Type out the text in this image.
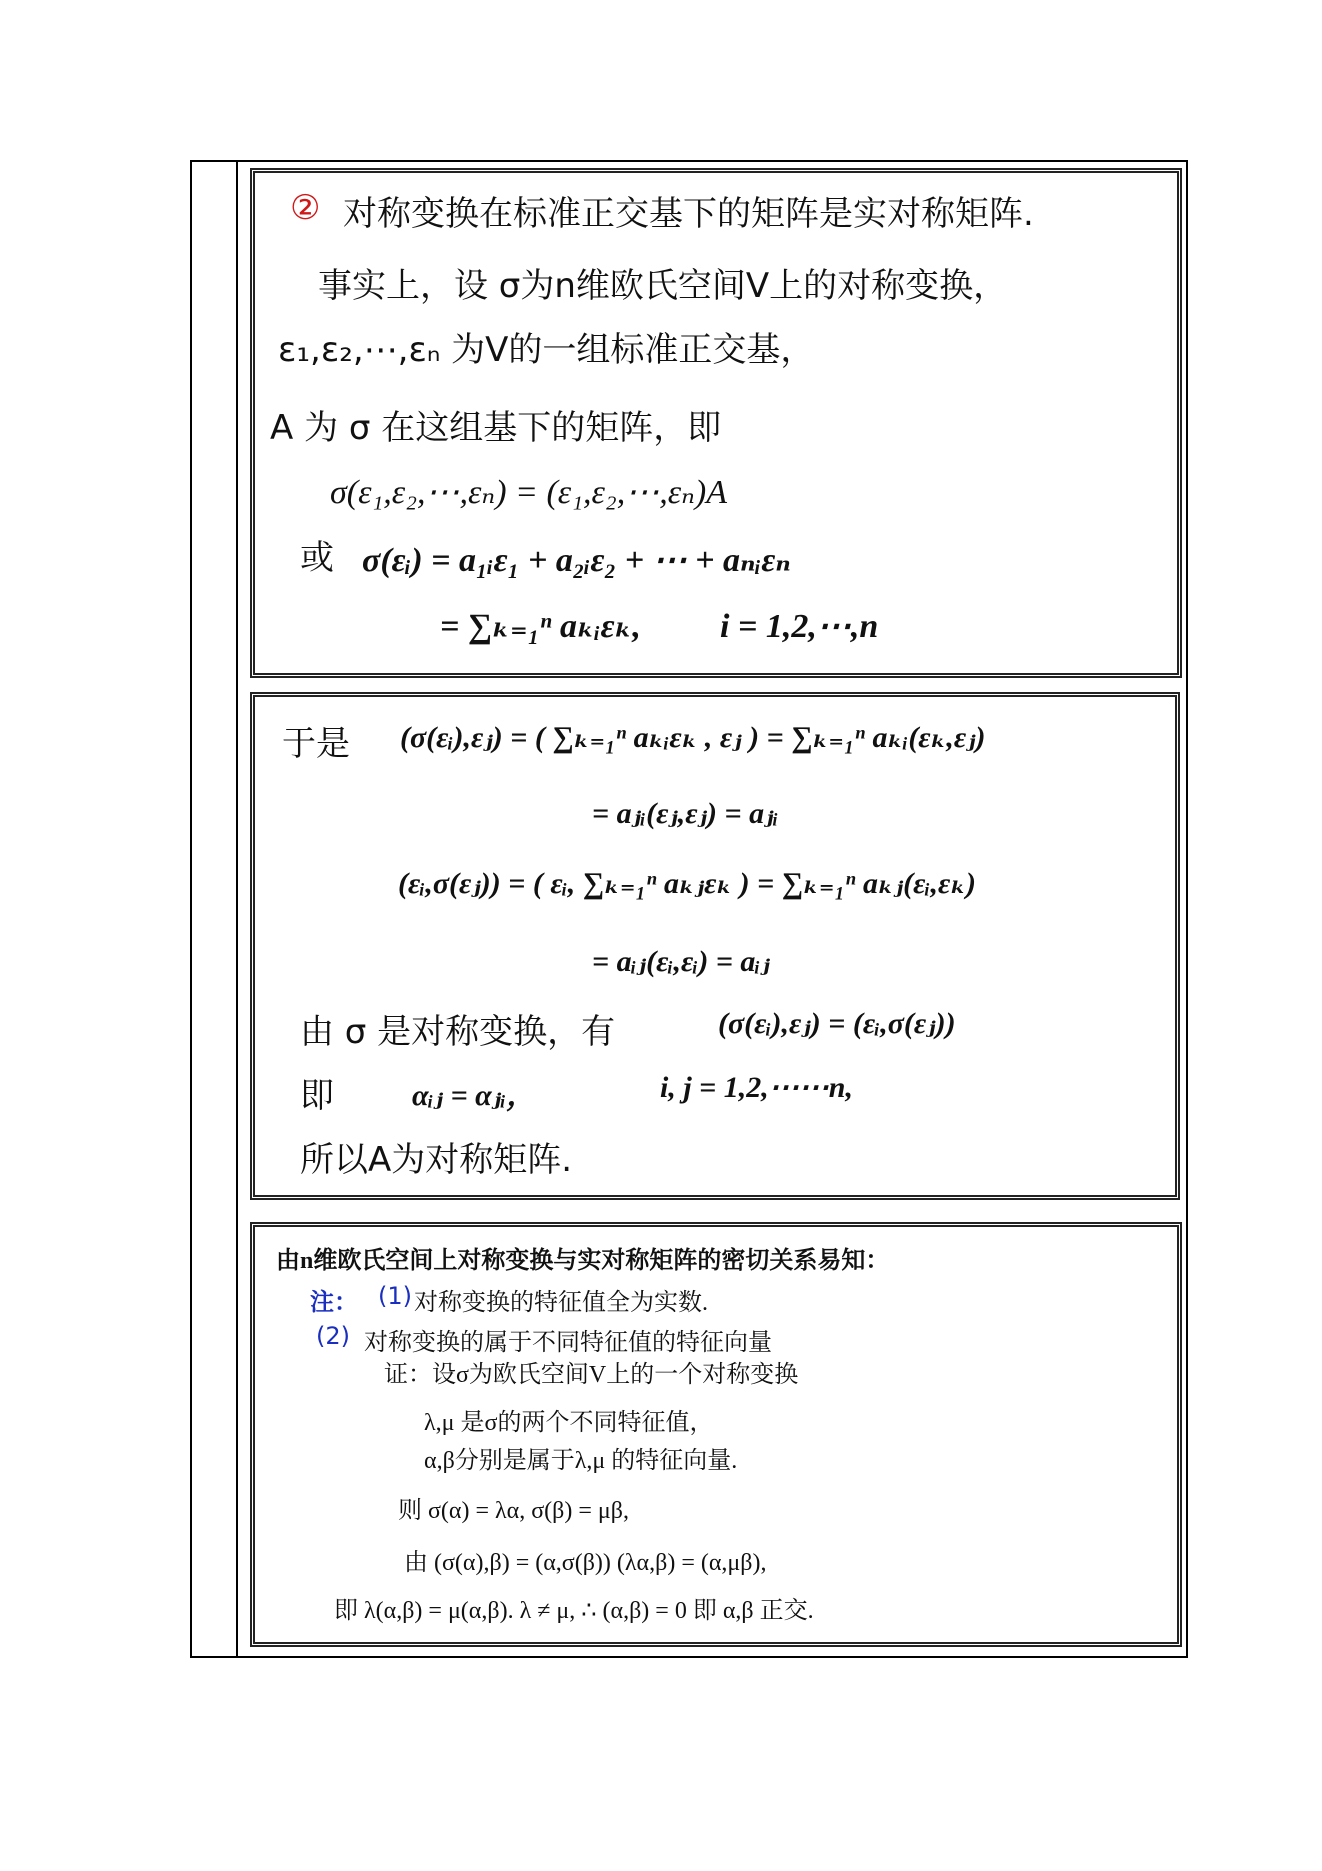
② 对称变换在标准正交基下的矩阵是实对称矩阵.
事实上，设 σ为n维欧氏空间V上的对称变换，
ε₁,ε₂,⋯,εₙ 为V的一组标准正交基，
A 为 σ 在这组基下的矩阵，即
σ(ε₁,ε₂,⋯,εₙ) = (ε₁,ε₂,⋯,εₙ)A
或 σ(εᵢ) = a₁ᵢε₁ + a₂ᵢε₂ + ⋯ + aₙᵢεₙ
= ∑ₖ₌₁ⁿ aₖᵢεₖ, i = 1,2,⋯,n
于是 (σ(εᵢ),εⱼ) = ( ∑ₖ₌₁ⁿ aₖᵢεₖ , εⱼ ) = ∑ₖ₌₁ⁿ aₖᵢ(εₖ,εⱼ)
= aⱼᵢ(εⱼ,εⱼ) = aⱼᵢ
(εᵢ,σ(εⱼ)) = ( εᵢ, ∑ₖ₌₁ⁿ aₖⱼεₖ ) = ∑ₖ₌₁ⁿ aₖⱼ(εᵢ,εₖ)
= aᵢⱼ(εᵢ,εᵢ) = aᵢⱼ
由 σ 是对称变换，有	(σ(εᵢ),εⱼ) = (εᵢ,σ(εⱼ))
即	αᵢⱼ = αⱼᵢ，	i, j = 1,2,⋯⋯n,
所以A为对称矩阵.
由n维欧氏空间上对称变换与实对称矩阵的密切关系易知：
注： (1) 对称变换的特征值全为实数.
(2) 对称变换的属于不同特征值的特征向量
证：设σ为欧氏空间V上的一个对称变换
λ,μ 是σ的两个不同特征值，
α,β分别是属于λ,μ 的特征向量.
则 σ(α) = λα, σ(β) = μβ,
由 (σ(α),β) = (α,σ(β)) (λα,β) = (α,μβ),
即 λ(α,β) = μ(α,β). λ ≠ μ, ∴ (α,β) = 0 即 α,β 正交.
